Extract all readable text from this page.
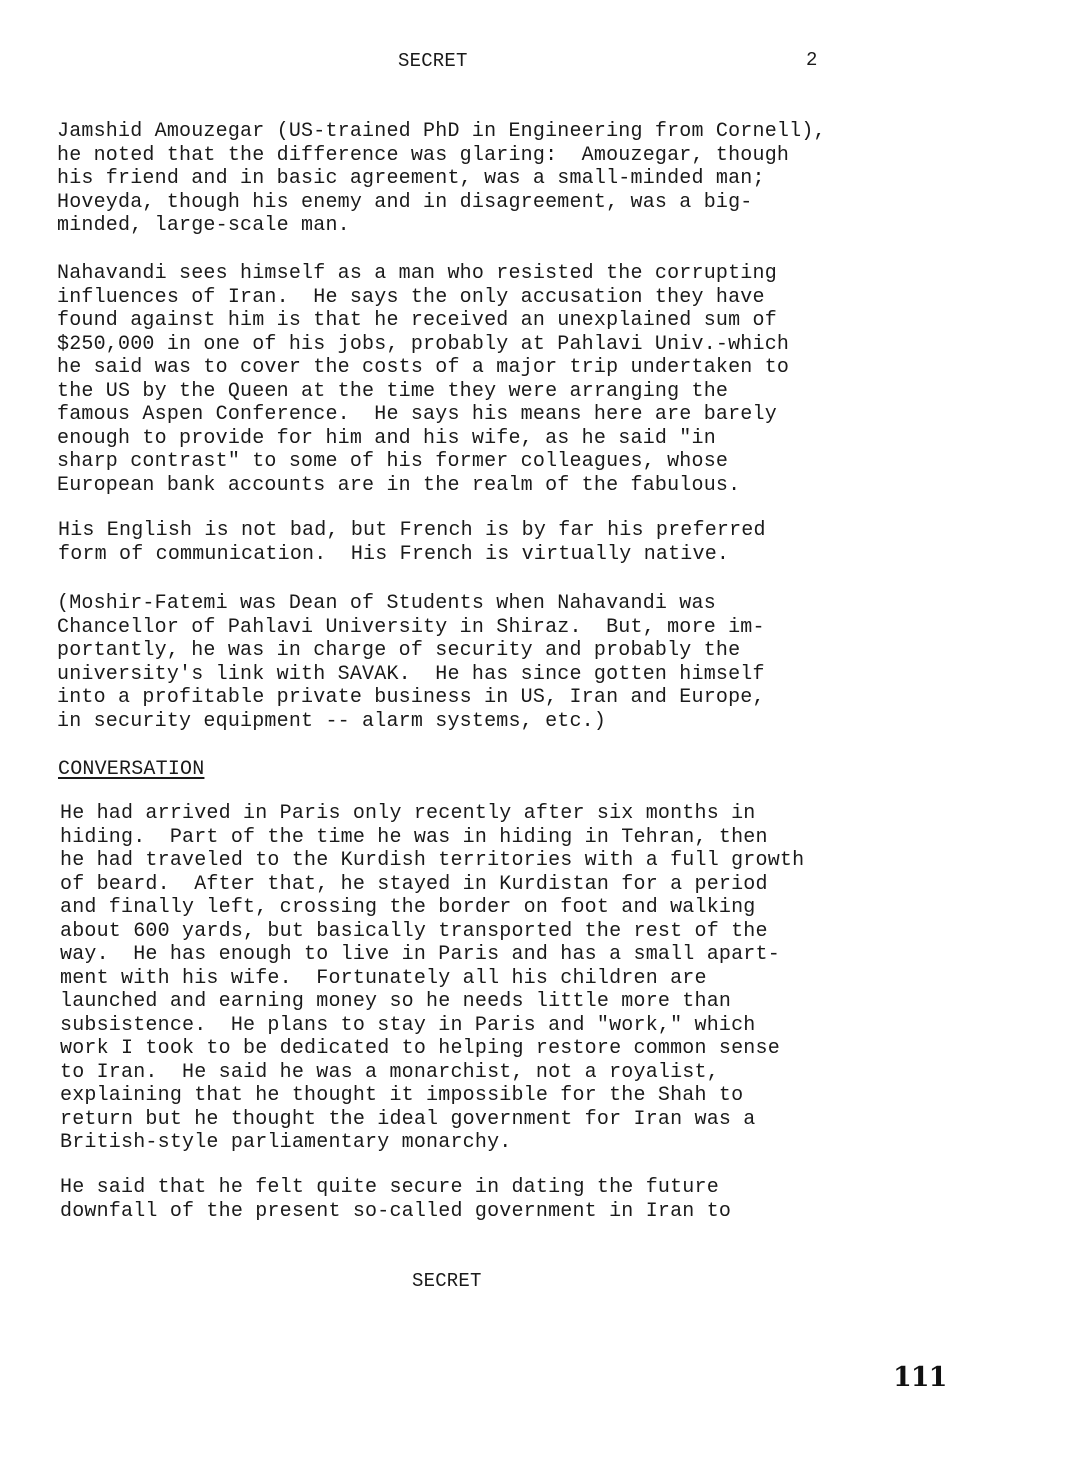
SECRET	2

Jamshid Amouzegar (US-trained PhD in Engineering from Cornell),
he noted that the difference was glaring:  Amouzegar, though
his friend and in basic agreement, was a small-minded man;
Hoveyda, though his enemy and in disagreement, was a big-
minded, large-scale man.

Nahavandi sees himself as a man who resisted the corrupting
influences of Iran.  He says the only accusation they have
found against him is that he received an unexplained sum of
$250,000 in one of his jobs, probably at Pahlavi Univ.-which
he said was to cover the costs of a major trip undertaken to
the US by the Queen at the time they were arranging the
famous Aspen Conference.  He says his means here are barely
enough to provide for him and his wife, as he said "in
sharp contrast" to some of his former colleagues, whose
European bank accounts are in the realm of the fabulous.

His English is not bad, but French is by far his preferred
form of communication.  His French is virtually native.

(Moshir-Fatemi was Dean of Students when Nahavandi was
Chancellor of Pahlavi University in Shiraz.  But, more im-
portantly, he was in charge of security and probably the
university's link with SAVAK.  He has since gotten himself
into a profitable private business in US, Iran and Europe,
in security equipment -- alarm systems, etc.)

CONVERSATION

He had arrived in Paris only recently after six months in
hiding.  Part of the time he was in hiding in Tehran, then
he had traveled to the Kurdish territories with a full growth
of beard.  After that, he stayed in Kurdistan for a period
and finally left, crossing the border on foot and walking
about 600 yards, but basically transported the rest of the
way.  He has enough to live in Paris and has a small apart-
ment with his wife.  Fortunately all his children are
launched and earning money so he needs little more than
subsistence.  He plans to stay in Paris and "work," which
work I took to be dedicated to helping restore common sense
to Iran.  He said he was a monarchist, not a royalist,
explaining that he thought it impossible for the Shah to
return but he thought the ideal government for Iran was a
British-style parliamentary monarchy.

He said that he felt quite secure in dating the future
downfall of the present so-called government in Iran to

SECRET
111
